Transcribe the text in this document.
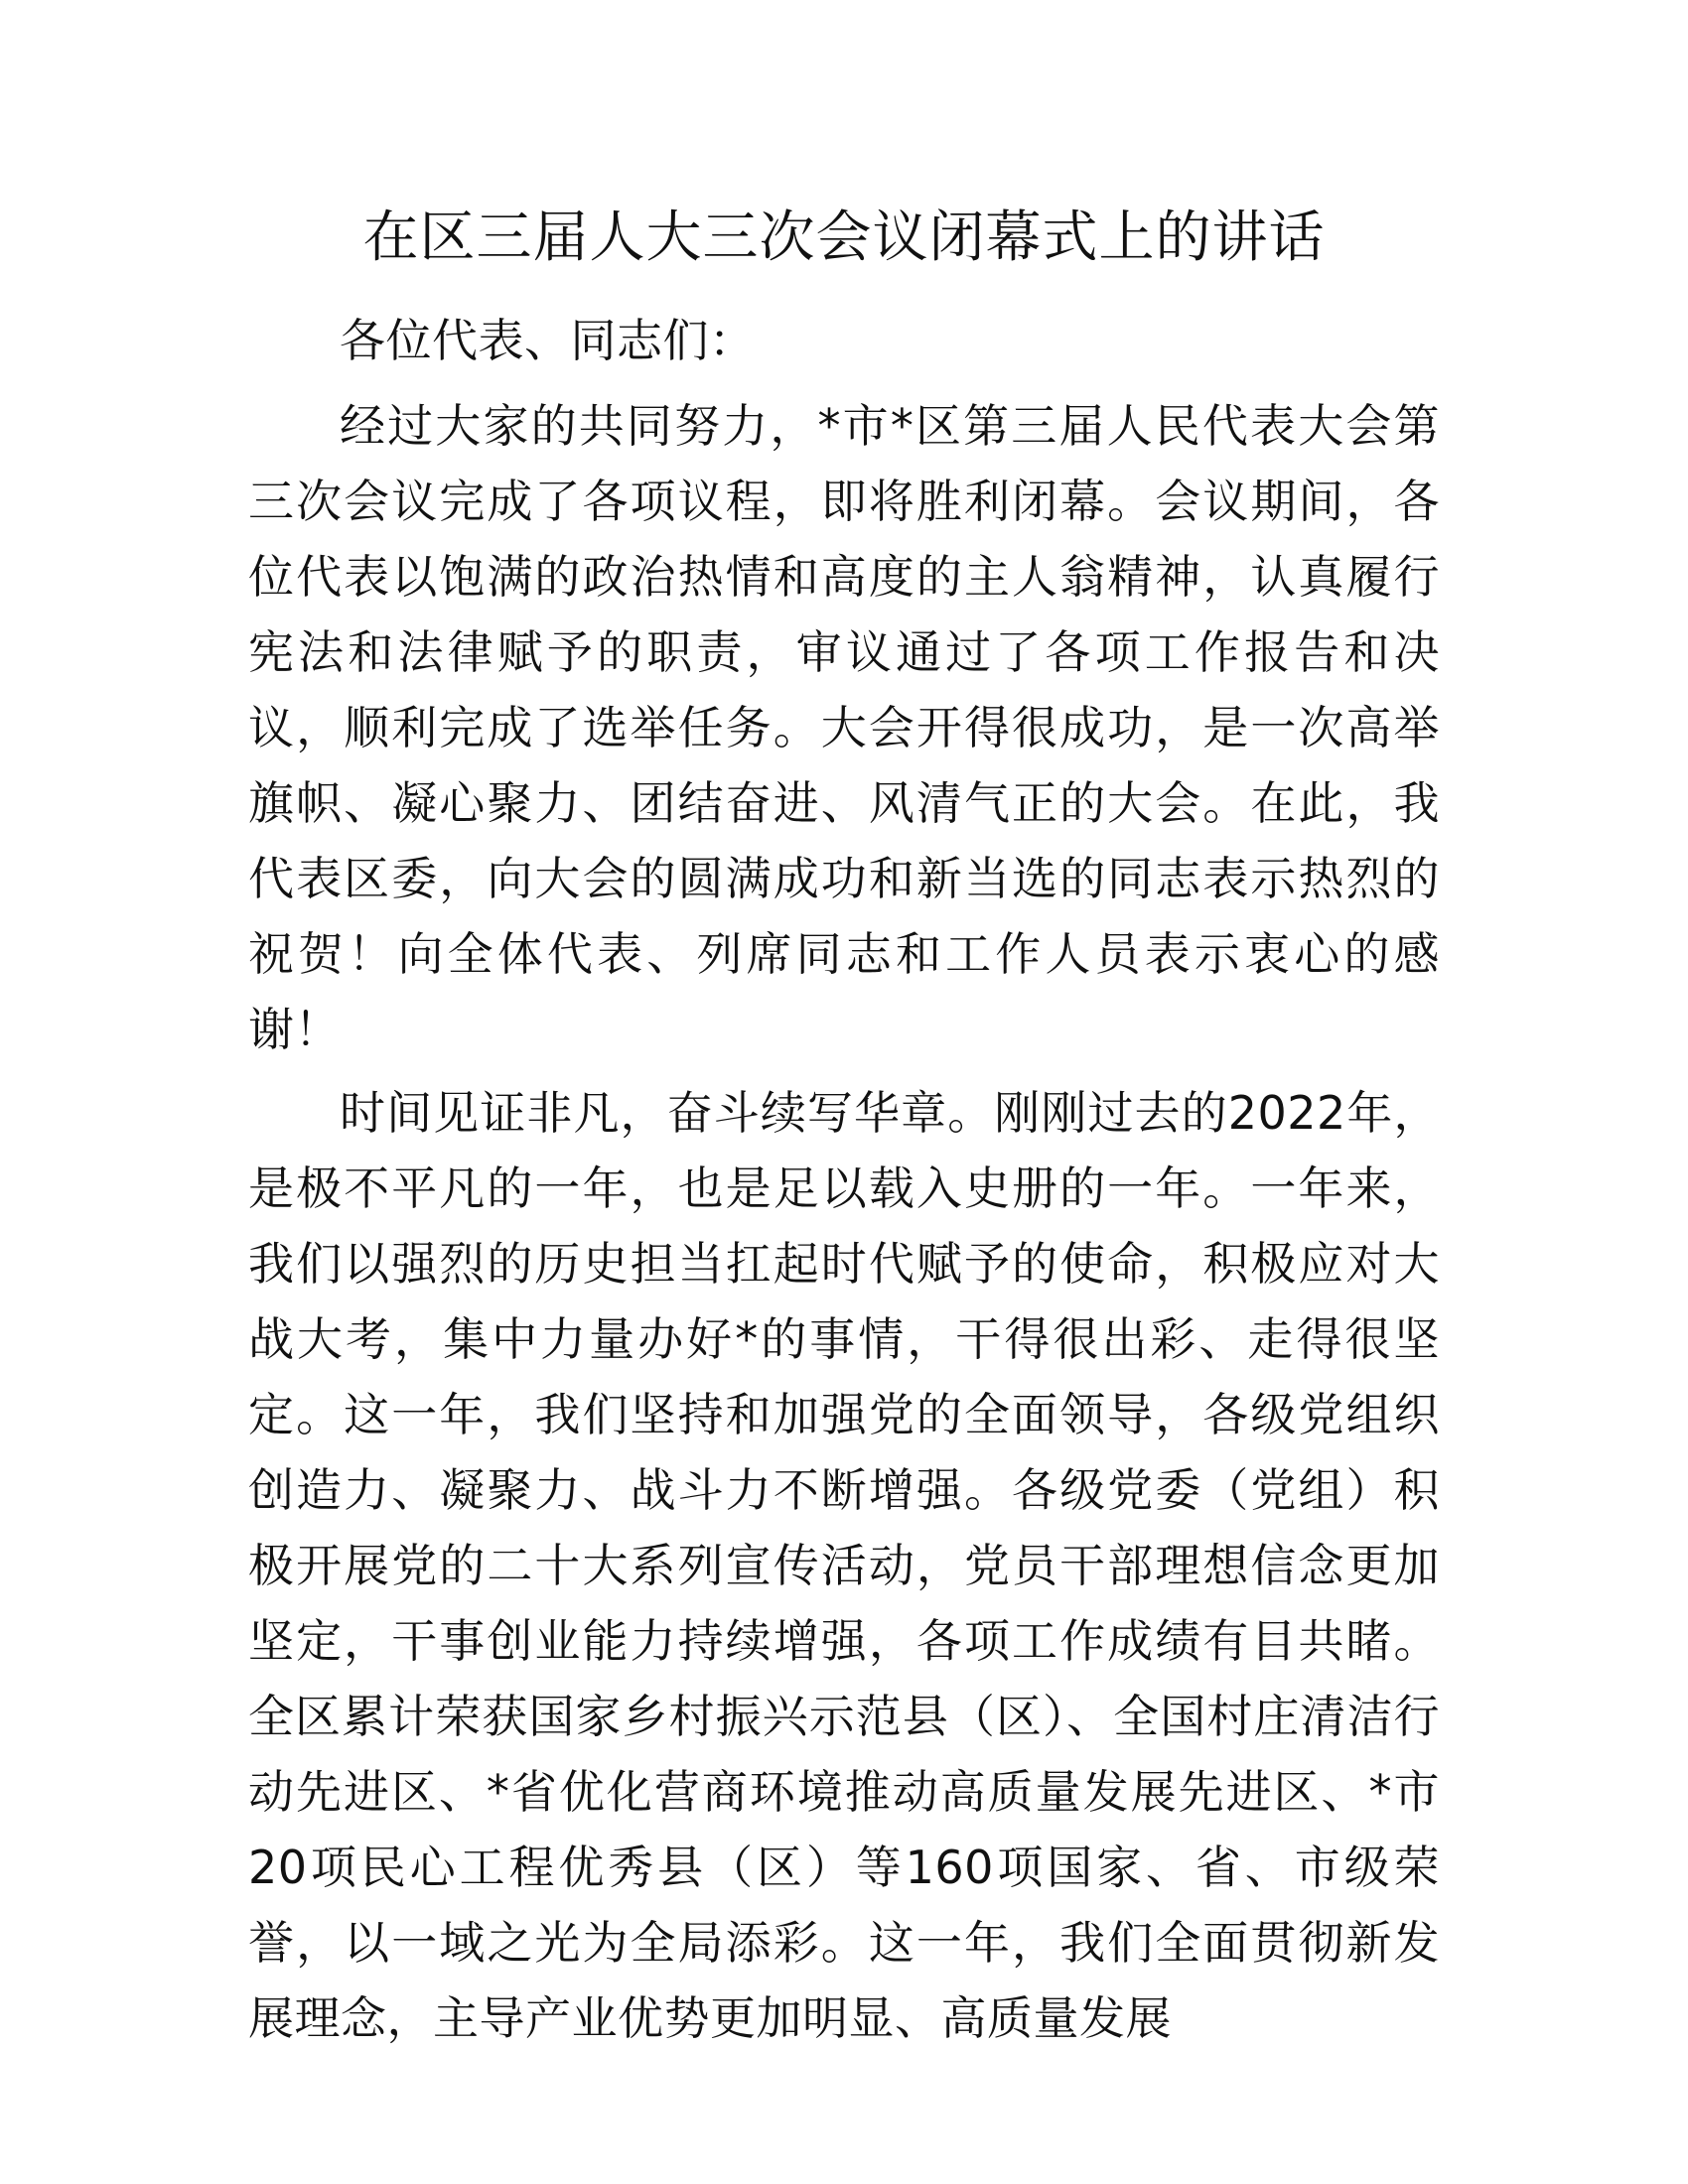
在区三届人大三次会议闭幕式上的讲话

各位代表、同志们：

经过大家的共同努力，*市*区第三届人民代表大会第三次会议完成了各项议程，即将胜利闭幕。会议期间，各位代表以饱满的政治热情和高度的主人翁精神，认真履行宪法和法律赋予的职责，审议通过了各项工作报告和决议，顺利完成了选举任务。大会开得很成功，是一次高举旗帜、凝心聚力、团结奋进、风清气正的大会。在此，我代表区委，向大会的圆满成功和新当选的同志表示热烈的祝贺！向全体代表、列席同志和工作人员表示衷心的感谢！

时间见证非凡，奋斗续写华章。刚刚过去的2022年，是极不平凡的一年，也是足以载入史册的一年。一年来，我们以强烈的历史担当扛起时代赋予的使命，积极应对大战大考，集中力量办好*的事情，干得很出彩、走得很坚定。这一年，我们坚持和加强党的全面领导，各级党组织创造力、凝聚力、战斗力不断增强。各级党委（党组）积极开展党的二十大系列宣传活动，党员干部理想信念更加坚定，干事创业能力持续增强，各项工作成绩有目共睹。全区累计荣获国家乡村振兴示范县（区）、全国村庄清洁行动先进区、*省优化营商环境推动高质量发展先进区、*市20项民心工程优秀县（区）等160项国家、省、市级荣誉，以一域之光为全局添彩。这一年，我们全面贯彻新发展理念，主导产业优势更加明显、高质量发展
